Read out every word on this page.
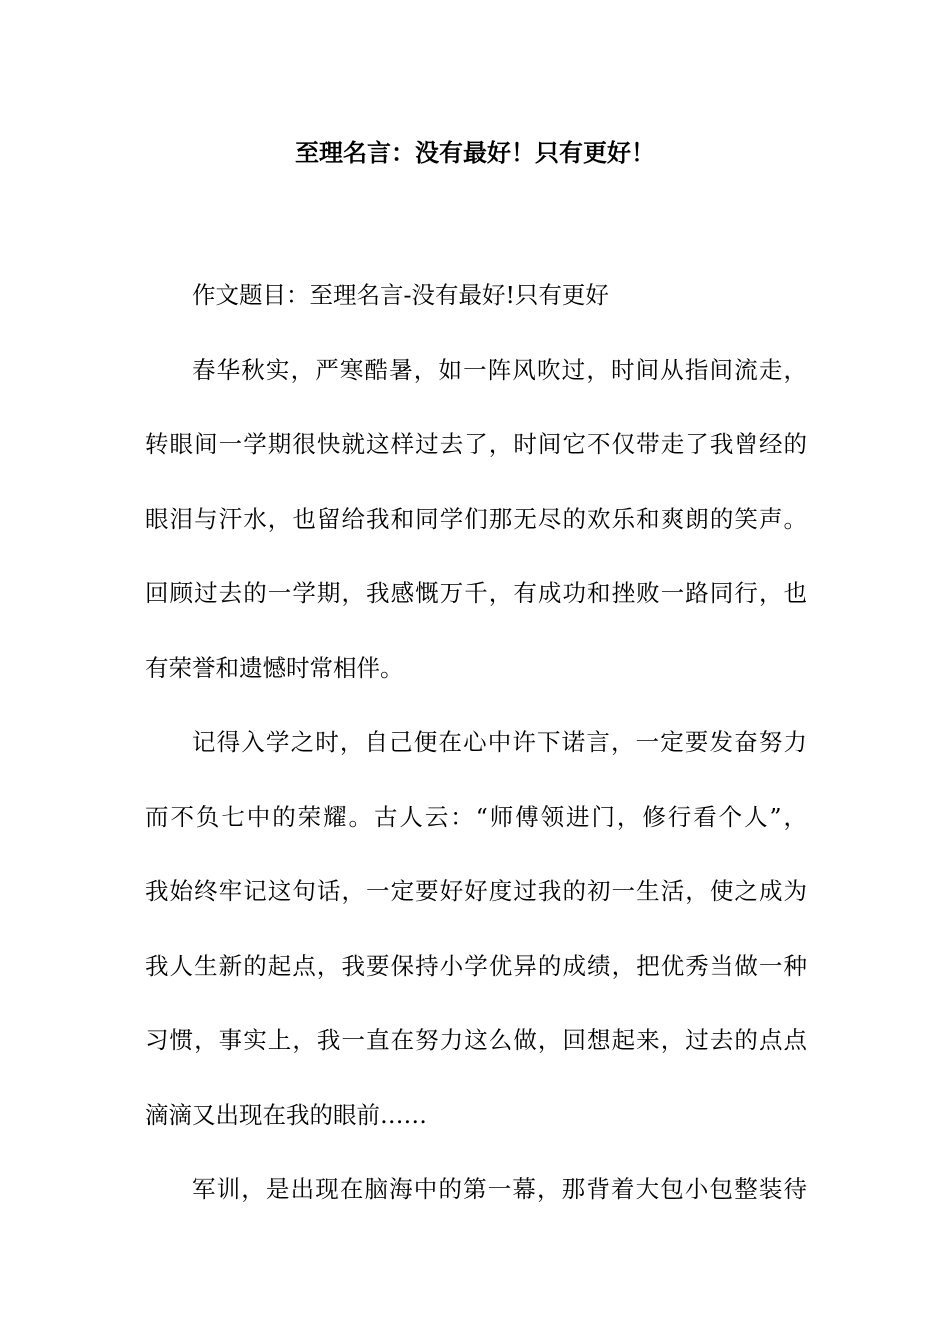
至理名言：没有最好！只有更好！
作文题目：至理名言-没有最好!只有更好
春华秋实，严寒酷暑，如一阵风吹过，时间从指间流走，
转眼间一学期很快就这样过去了，时间它不仅带走了我曾经的
眼泪与汗水，也留给我和同学们那无尽的欢乐和爽朗的笑声。
回顾过去的一学期，我感慨万千，有成功和挫败一路同行，也
有荣誉和遗憾时常相伴。
记得入学之时，自己便在心中许下诺言，一定要发奋努力
而不负七中的荣耀。古人云：“师傅领进门，修行看个人”，
我始终牢记这句话，一定要好好度过我的初一生活，使之成为
我人生新的起点，我要保持小学优异的成绩，把优秀当做一种
习惯，事实上，我一直在努力这么做，回想起来，过去的点点
滴滴又出现在我的眼前……
军训，是出现在脑海中的第一幕，那背着大包小包整装待
